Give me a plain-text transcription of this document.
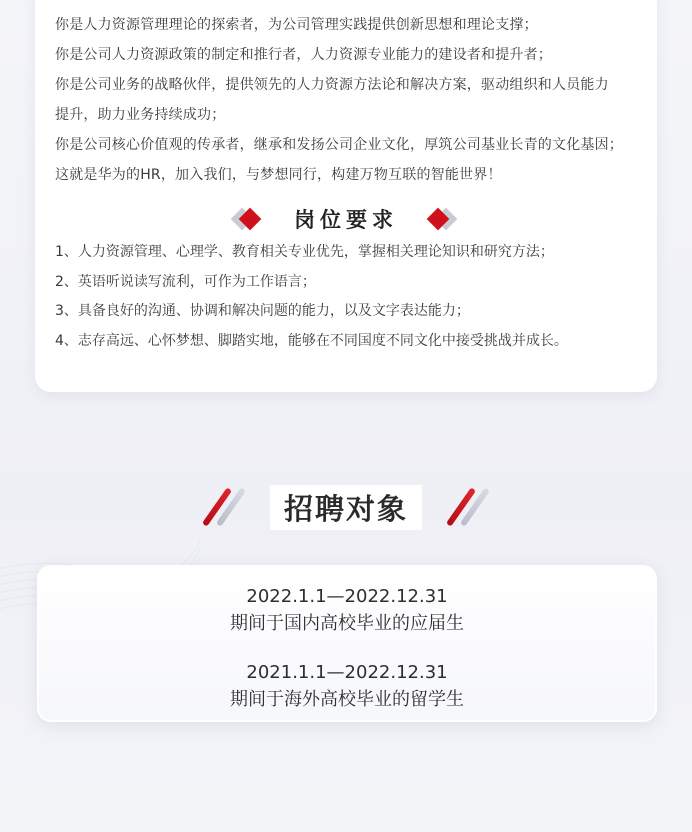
你是人力资源管理理论的探索者，为公司管理实践提供创新思想和理论支撑；

你是公司人力资源政策的制定和推行者，人力资源专业能力的建设者和提升者；

你是公司业务的战略伙伴，提供领先的人力资源方法论和解决方案，驱动组织和人员能力

提升，助力业务持续成功；

你是公司核心价值观的传承者，继承和发扬公司企业文化，厚筑公司基业长青的文化基因；

这就是华为的HR，加入我们，与梦想同行，构建万物互联的智能世界！

岗位要求
1、人力资源管理、心理学、教育相关专业优先，掌握相关理论知识和研究方法；
2、英语听说读写流利，可作为工作语言；
3、具备良好的沟通、协调和解决问题的能力，以及文字表达能力；
4、志存高远、心怀梦想、脚踏实地，能够在不同国度不同文化中接受挑战并成长。
招聘对象
2022.1.1—2022.12.31
期间于国内高校毕业的应届生
2021.1.1—2022.12.31
期间于海外高校毕业的留学生
